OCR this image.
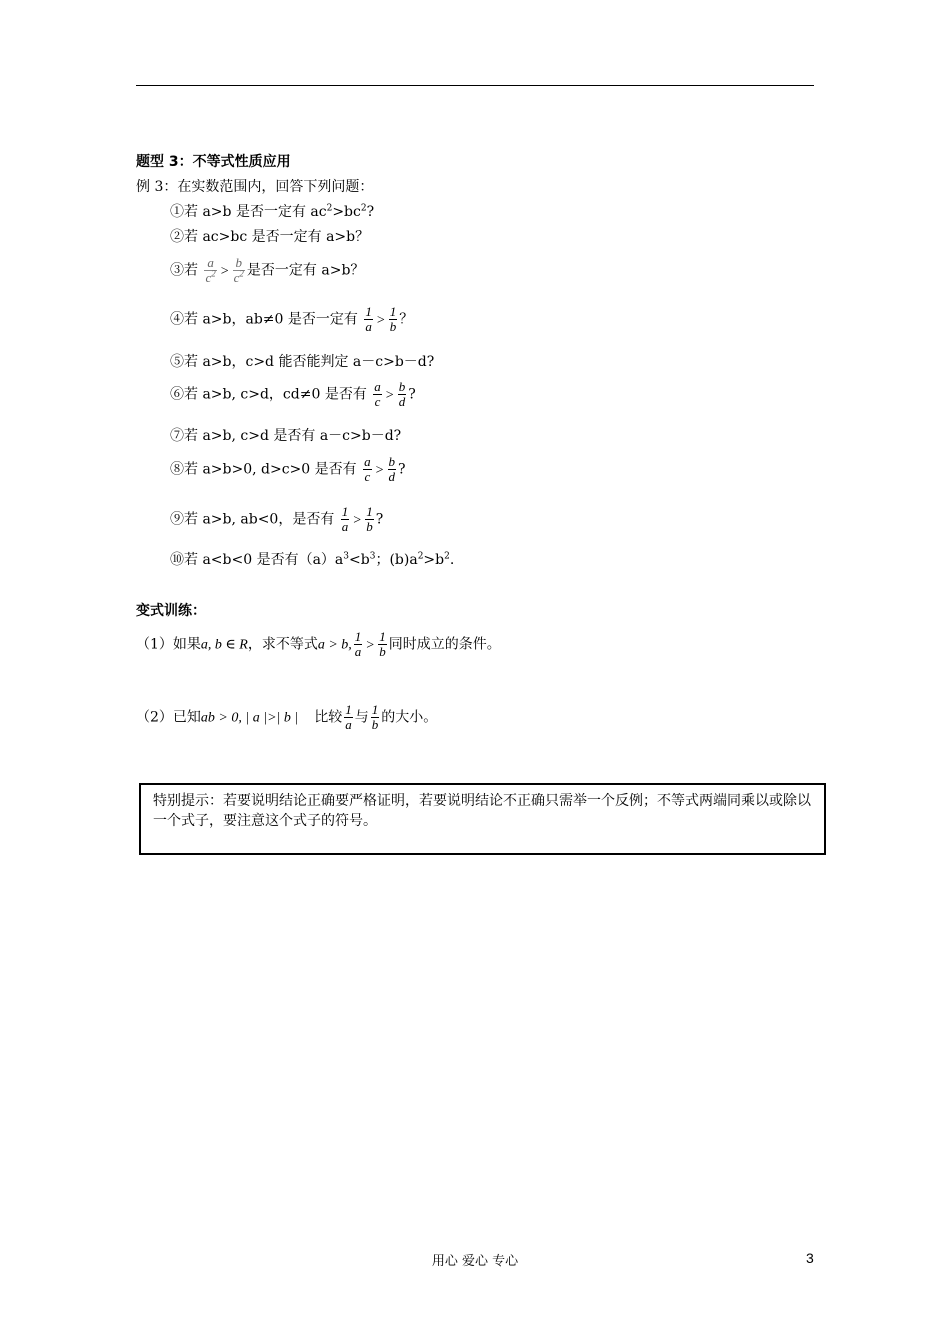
题型 3：不等式性质应用
例 3：在实数范围内，回答下列问题：
①若 a>b 是否一定有 $ac^2>bc^2$?
②若 ac>bc 是否一定有 a>b？
③若 $\frac{a}{c^2} > \frac{b}{c^2}$ 是否一定有 a>b？
④若 a>b，ab≠0 是否一定有 $\frac{1}{a} > \frac{1}{b}$ ？
⑤若 a>b，c>d 能否能判定 a－c>b－d?
⑥若 a>b, c>d，cd≠0 是否有 $\frac{a}{c} > \frac{b}{d}$ ?
⑦若 a>b, c>d 是否有 a－c>b－d?
⑧若 a>b>0, d>c>0 是否有 $\frac{a}{c} > \frac{b}{d}$ ?
⑨若 a>b, ab<0，是否有 $\frac{1}{a} > \frac{1}{b}$ ?
⑩若 a<b<0 是否有$(a)a^3<b^3$；$(b)a^2>b^2$.
变式训练：
（1）如果a, b ∈ R，求不等式a > b, $\frac{1}{a} > \frac{1}{b}$ 同时成立的条件。
（2）已知ab > 0, | a |>| b | 比较 $\frac{1}{a}$ 与 $\frac{1}{b}$ 的大小。
特别提示：若要说明结论正确要严格证明，若要说明结论不正确只需举一个反例；不等式两端同乘以或除以一个式子，要注意这个式子的符号。
用心 爱心 专心	3
